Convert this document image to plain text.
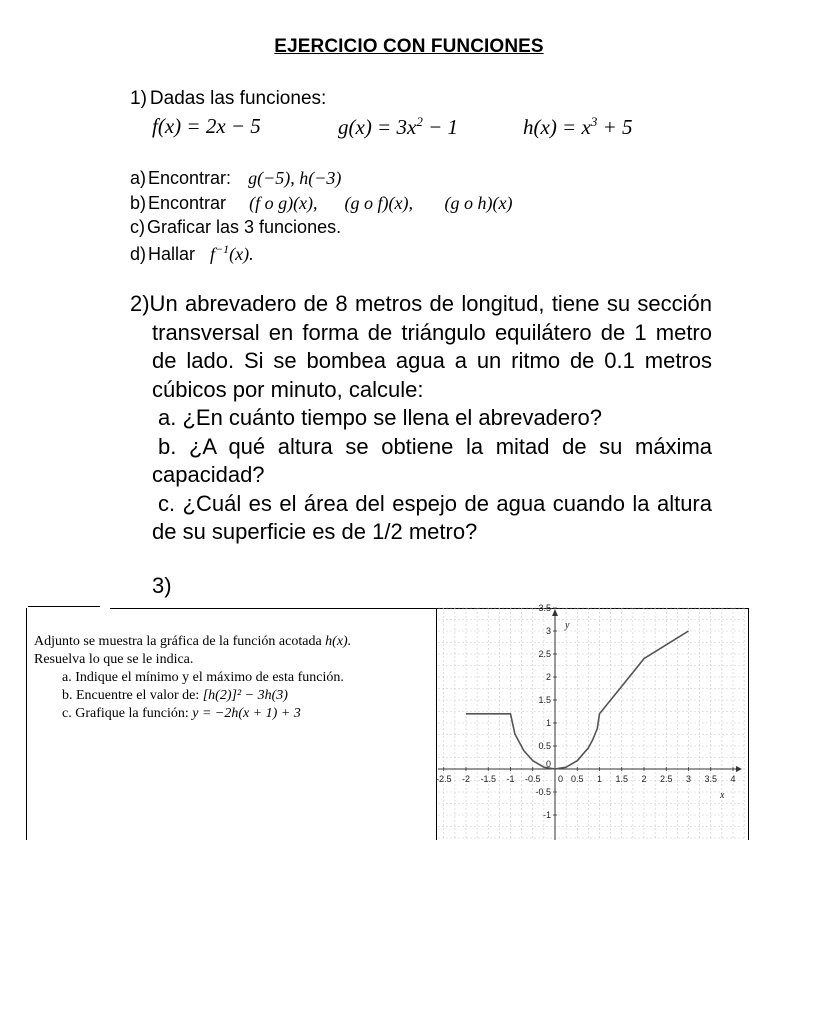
EJERCICIO CON FUNCIONES
1) Dadas las funciones:
f(x) = 2x − 5	$g(x) = 3x^2 - 1$	$h(x) = x^3 + 5$
a) Encontrar: g(−5), h(−3)
b) Encontrar (f o g)(x),      (g o f)(x),       (g o h)(x)
c) Graficar las 3 funciones.
d) Hallar $f^{-1}(x)$.
2)Un abrevadero de 8 metros de longitud, tiene su sección
transversal en forma de triángulo equilátero de 1 metro
de lado. Si se bombea agua a un ritmo de 0.1 metros
cúbicos por minuto, calcule:
a. ¿En cuánto tiempo se llena el abrevadero?
b. ¿A qué altura se obtiene la mitad de su máxima
capacidad?
c. ¿Cuál es el área del espejo de agua cuando la altura
de su superficie es de 1/2 metro?
3)
Adjunto se muestra la gráfica de la función acotada h(x).
Resuelva lo que se le indica.
a. Indique el mínimo y el máximo de esta función.
b. Encuentre el valor de: [h(2)]² − 3h(3)
c. Grafique la función: y = −2h(x + 1) + 3
-2.5 -2 -1.5 -1 -0.5 0 0.5 1 1.5 2 2.5 3 3.5 4
3.5
3
2.5
2
1.5
1
0.5
-0.5
-1
0
x
y
